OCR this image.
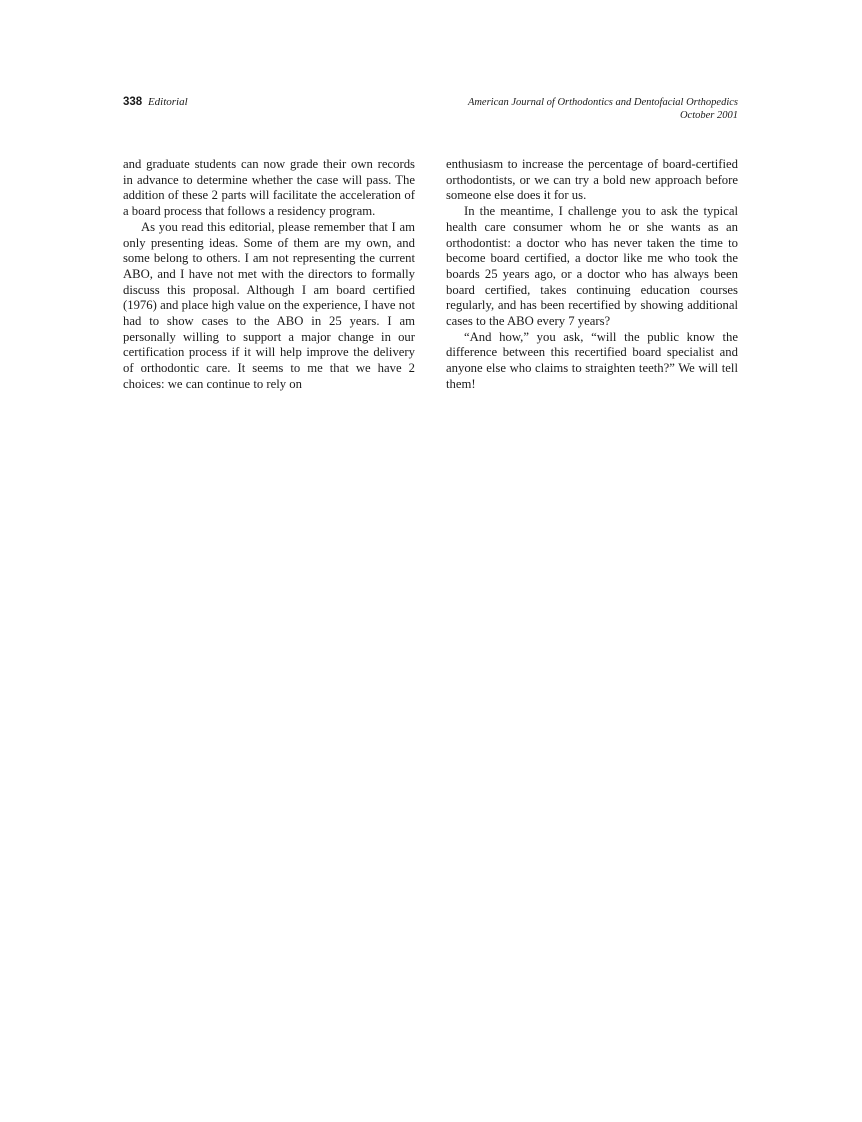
338 Editorial	American Journal of Orthodontics and Dentofacial Orthopedics
October 2001

and graduate students can now grade their own records in advance to determine whether the case will pass. The addition of these 2 parts will facilitate the acceleration of a board process that follows a residency program.

As you read this editorial, please remember that I am only presenting ideas. Some of them are my own, and some belong to others. I am not representing the current ABO, and I have not met with the directors to formally discuss this proposal. Although I am board certified (1976) and place high value on the experience, I have not had to show cases to the ABO in 25 years. I am personally willing to support a major change in our certification process if it will help improve the delivery of orthodontic care. It seems to me that we have 2 choices: we can continue to rely on

enthusiasm to increase the percentage of board-certified orthodontists, or we can try a bold new approach before someone else does it for us.

In the meantime, I challenge you to ask the typical health care consumer whom he or she wants as an orthodontist: a doctor who has never taken the time to become board certified, a doctor like me who took the boards 25 years ago, or a doctor who has always been board certified, takes continuing education courses regularly, and has been recertified by showing additional cases to the ABO every 7 years?

“And how,” you ask, “will the public know the difference between this recertified board specialist and anyone else who claims to straighten teeth?” We will tell them!
